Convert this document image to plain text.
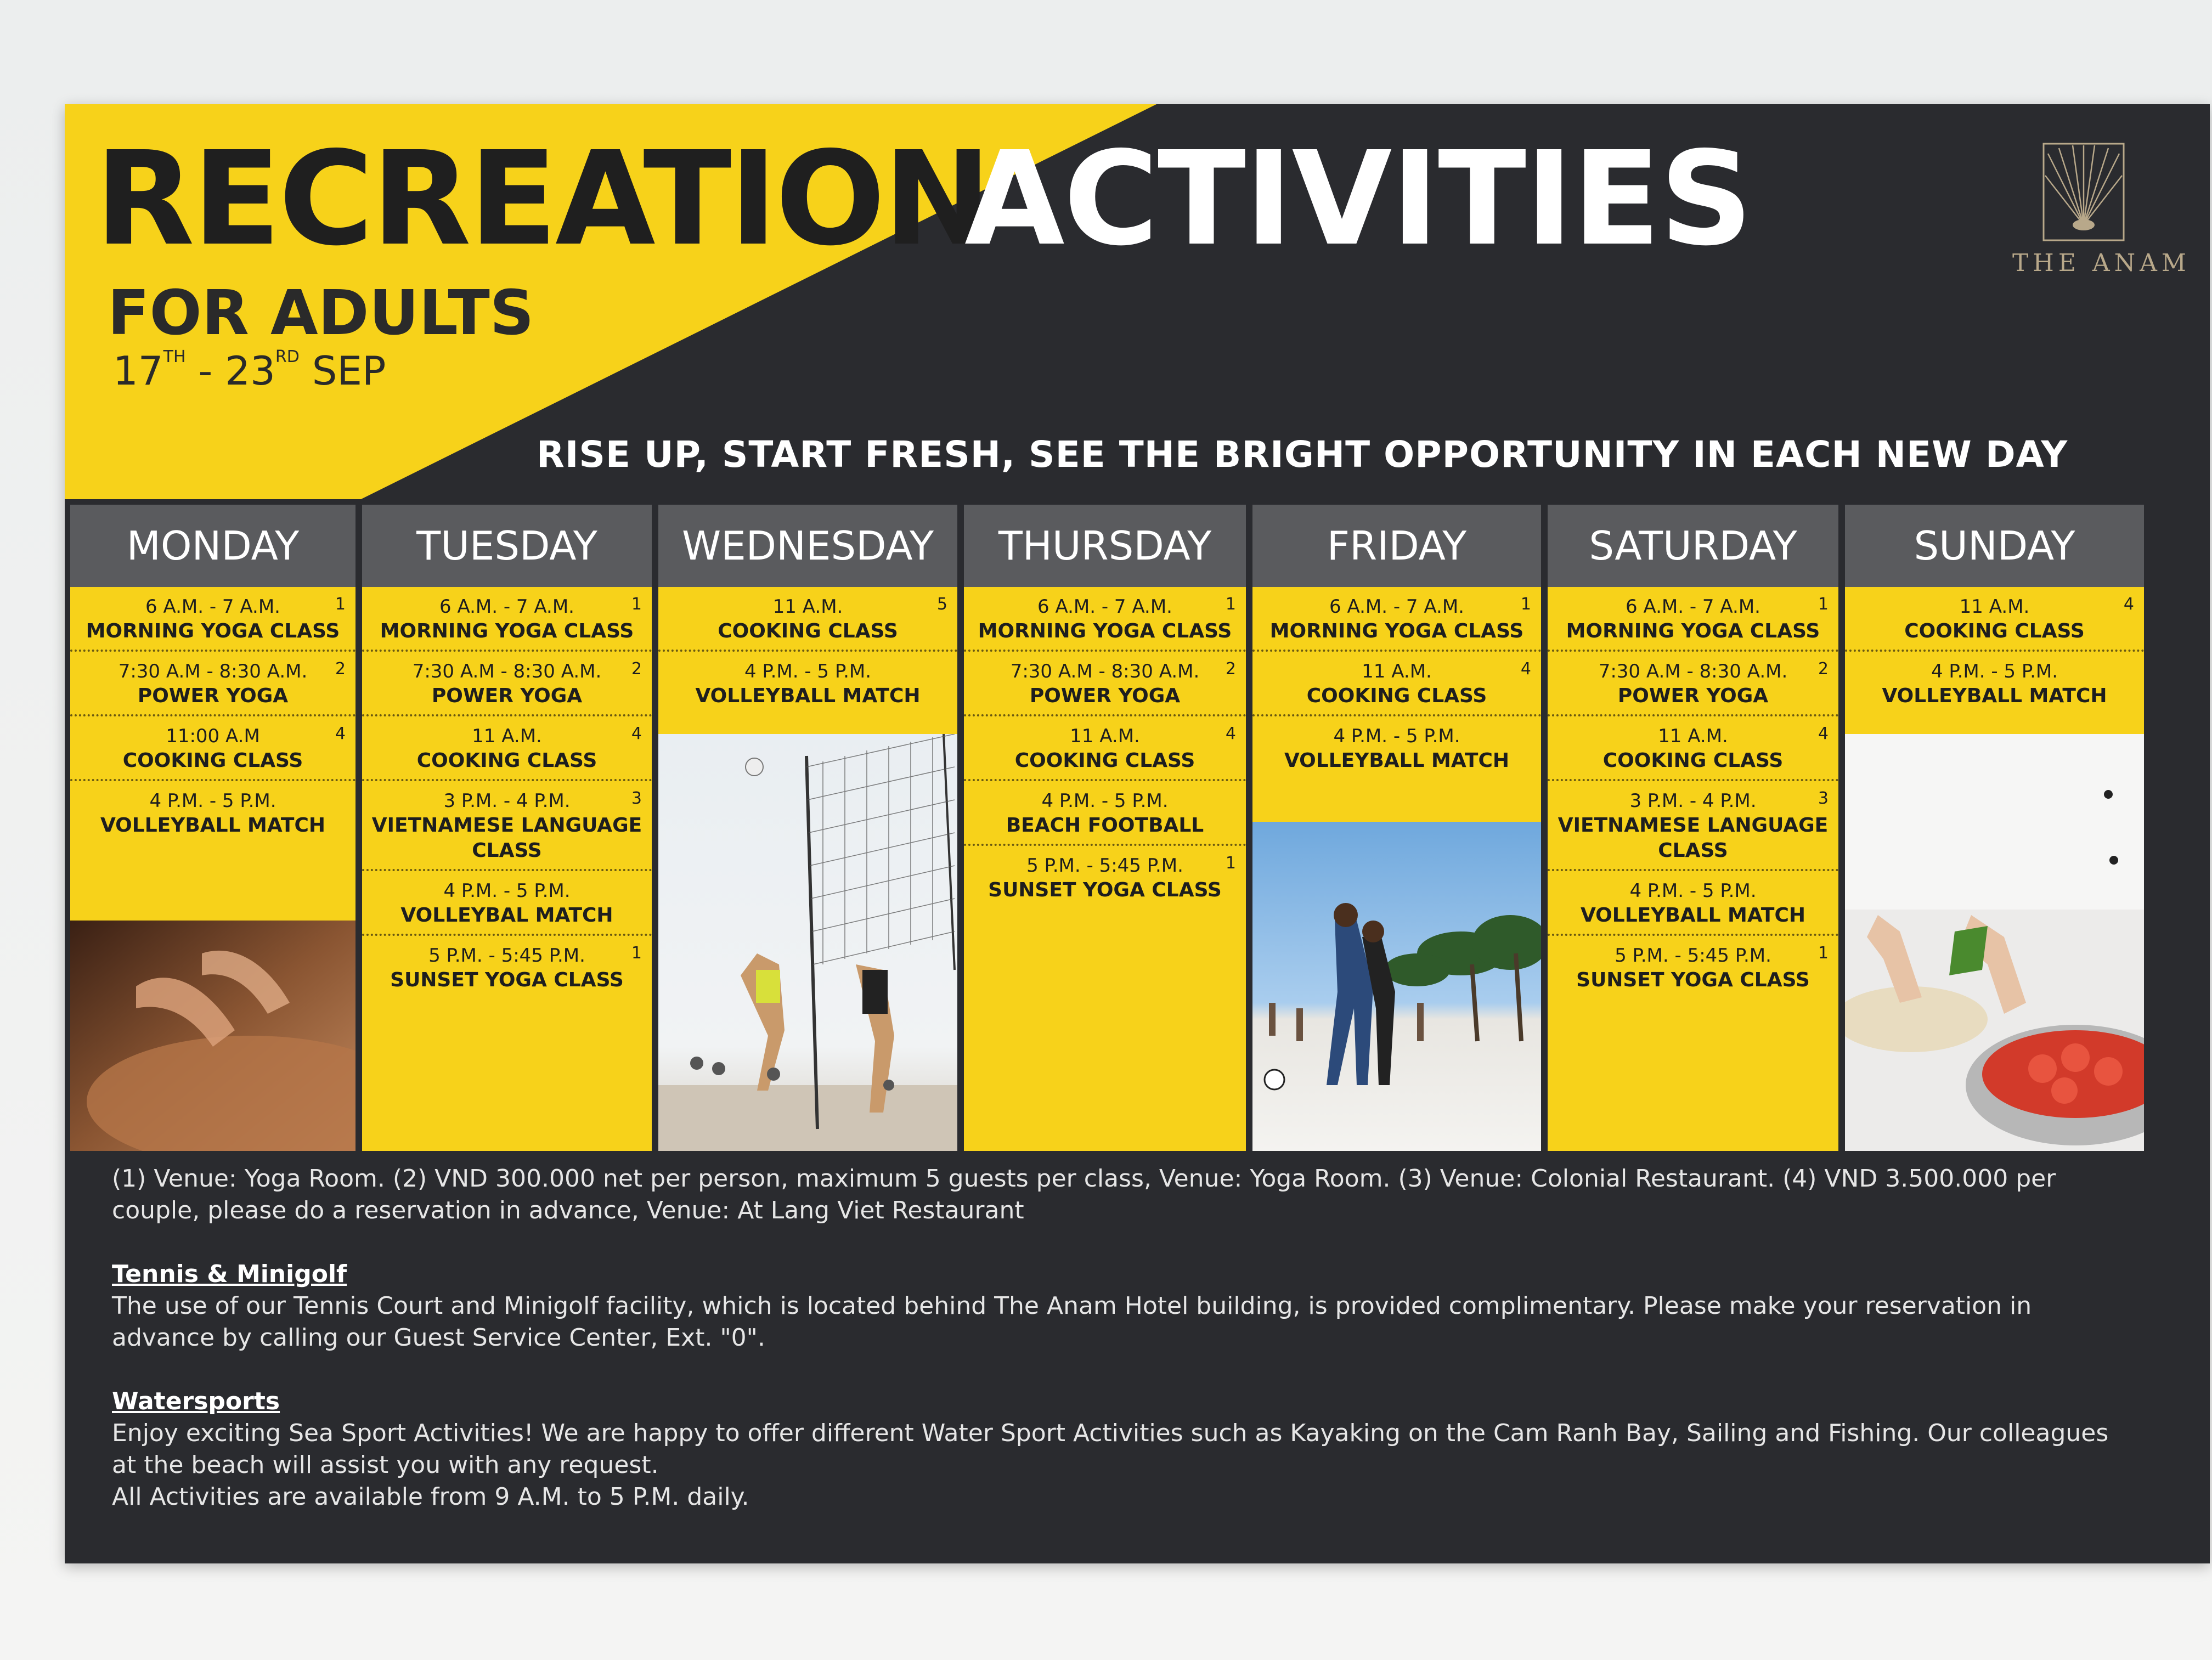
RECREATION
ACTIVITIES
FOR ADULTS
17TH - 23RD SEP
THE ANAM
RISE UP, START FRESH, SEE THE BRIGHT OPPORTUNITY IN EACH NEW DAY
MONDAY
6 A.M. - 7 A.M.
MORNING YOGA CLASS
1
7:30 A.M - 8:30 A.M.
POWER YOGA
2
11:00 A.M
COOKING CLASS
4
4 P.M. - 5 P.M.
VOLLEYBALL MATCH
TUESDAY
6 A.M. - 7 A.M.
MORNING YOGA CLASS
1
7:30 A.M - 8:30 A.M.
POWER YOGA
2
11 A.M.
COOKING CLASS
4
3 P.M. - 4 P.M.
VIETNAMESE LANGUAGE CLASS
3
4 P.M. - 5 P.M.
VOLLEYBAL MATCH
5 P.M. - 5:45 P.M.
SUNSET YOGA CLASS
1
WEDNESDAY
11 A.M.
COOKING CLASS
5
4 P.M. - 5 P.M.
VOLLEYBALL MATCH
THURSDAY
6 A.M. - 7 A.M.
MORNING YOGA CLASS
1
7:30 A.M - 8:30 A.M.
POWER YOGA
2
11 A.M.
COOKING CLASS
4
4 P.M. - 5 P.M.
BEACH FOOTBALL
5 P.M. - 5:45 P.M.
SUNSET YOGA CLASS
1
FRIDAY
6 A.M. - 7 A.M.
MORNING YOGA CLASS
1
11 A.M.
COOKING CLASS
4
4 P.M. - 5 P.M.
VOLLEYBALL MATCH
SATURDAY
6 A.M. - 7 A.M.
MORNING YOGA CLASS
1
7:30 A.M - 8:30 A.M.
POWER YOGA
2
11 A.M.
COOKING CLASS
4
3 P.M. - 4 P.M.
VIETNAMESE LANGUAGE CLASS
3
4 P.M. - 5 P.M.
VOLLEYBALL MATCH
5 P.M. - 5:45 P.M.
SUNSET YOGA CLASS
1
SUNDAY
11 A.M.
COOKING CLASS
4
4 P.M. - 5 P.M.
VOLLEYBALL MATCH

(1) Venue: Yoga Room. (2) VND 300.000 net per person, maximum 5 guests per class, Venue: Yoga Room. (3) Venue: Colonial Restaurant. (4) VND 3.500.000 per couple, please do a reservation in advance, Venue: At Lang Viet Restaurant

Tennis & Minigolf

The use of our Tennis Court and Minigolf facility, which is located behind The Anam Hotel building, is provided complimentary. Please make your reservation in advance by calling our Guest Service Center, Ext. "0".

Watersports
Enjoy exciting Sea Sport Activities! We are happy to offer different Water Sport Activities such as Kayaking on the Cam Ranh Bay, Sailing and Fishing. Our colleagues at the beach will assist you with any request.
All Activities are available from 9 A.M. to 5 P.M. daily.
